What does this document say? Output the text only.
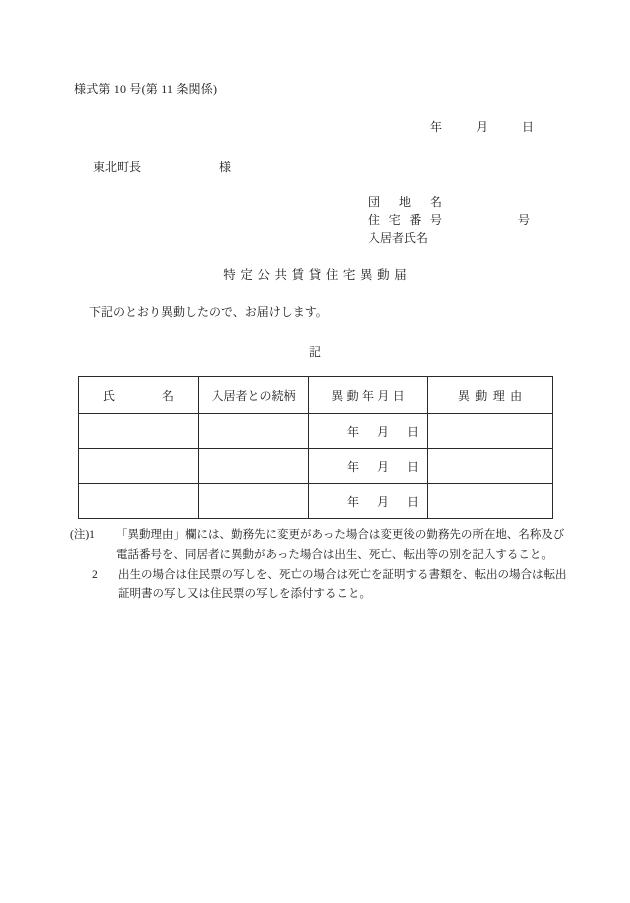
様式第 10 号(第 11 条関係)
年	月	日
東北町長	様
団 地 名
住 宅 番 号	号
入居者氏名
特定公共賃貸住宅異動届
下記のとおり異動したので、お届けします。
記
氏 名	入居者との続柄	異動年月日	異動理由
		年 月 日	
		年 月 日	
		年 月 日	
(注)1	「異動理由」欄には、勤務先に変更があった場合は変更後の勤務先の所在地、名称及び電話番号を、同居者に異動があった場合は出生、死亡、転出等の別を記入すること。
2	出生の場合は住民票の写しを、死亡の場合は死亡を証明する書類を、転出の場合は転出証明書の写し又は住民票の写しを添付すること。
